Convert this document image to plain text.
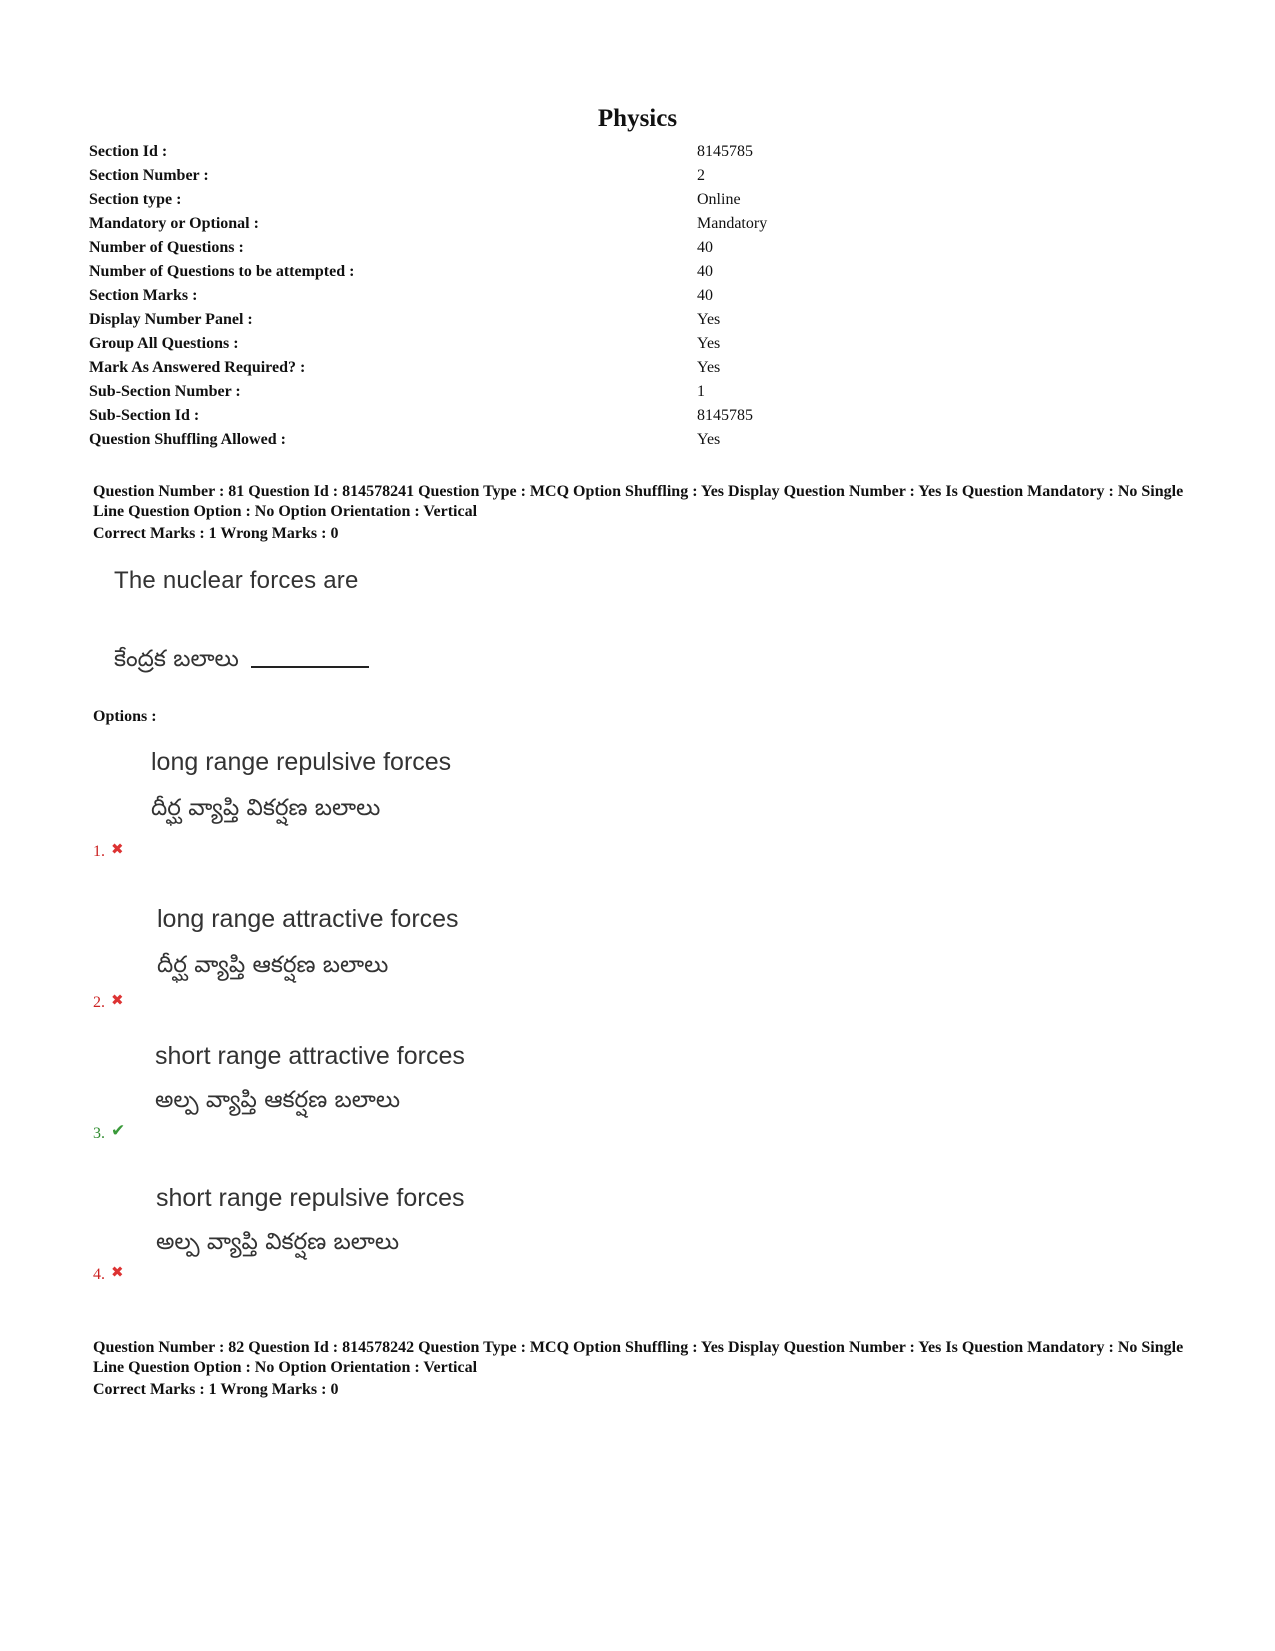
Physics
Section Id :	8145785
Section Number :	2
Section type :	Online
Mandatory or Optional :	Mandatory
Number of Questions :	40
Number of Questions to be attempted :	40
Section Marks :	40
Display Number Panel :	Yes
Group All Questions :	Yes
Mark As Answered Required? :	Yes
Sub-Section Number :	1
Sub-Section Id :	8145785
Question Shuffling Allowed :	Yes
Question Number : 81 Question Id : 814578241 Question Type : MCQ Option Shuffling : Yes Display Question Number : Yes Is Question Mandatory : No Single Line Question Option : No Option Orientation : Vertical
Correct Marks : 1 Wrong Marks : 0
The nuclear forces are
కేంద్రక బలాలు
Options :
long range repulsive forces
దీర్ఘ వ్యాప్తి వికర్షణ బలాలు
1. ✖
long range attractive forces
దీర్ఘ వ్యాప్తి ఆకర్షణ బలాలు
2. ✖
short range attractive forces
అల్ప వ్యాప్తి ఆకర్షణ బలాలు
3. ✔
short range repulsive forces
అల్ప వ్యాప్తి వికర్షణ బలాలు
4. ✖
Question Number : 82 Question Id : 814578242 Question Type : MCQ Option Shuffling : Yes Display Question Number : Yes Is Question Mandatory : No Single Line Question Option : No Option Orientation : Vertical
Correct Marks : 1 Wrong Marks : 0
